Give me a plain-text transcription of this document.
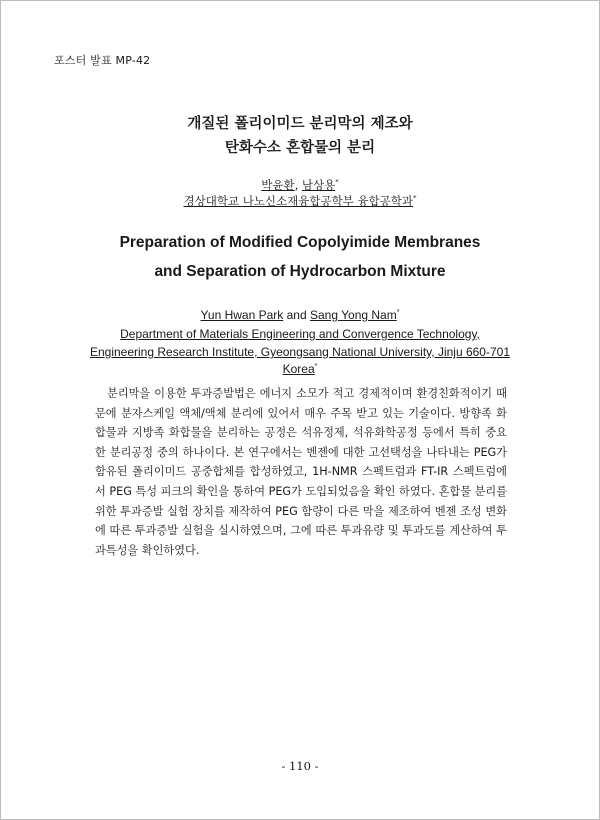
포스터 발표 MP-42
개질된 폴리이미드 분리막의 제조와
탄화수소 혼합물의 분리
박윤환, 남상용*
경상대학교 나노신소재융합공학부 융합공학과*
Preparation of Modified Copolyimide Membranes
and Separation of Hydrocarbon Mixture
Yun Hwan Park and Sang Yong Nam*
Department of Materials Engineering and Convergence Technology,
Engineering Research Institute, Gyeongsang National University, Jinju 660-701
Korea*

분리막을 이용한 투과증발법은 에너지 소모가 적고 경제적이며 환경친화적이기 때문에 분자스케일 액체/액체 분리에 있어서 매우 주목 받고 있는 기술이다. 방향족 화합물과 지방족 화합물을 분리하는 공정은 석유정제, 석유화학공정 등에서 특히 중요한 분리공정 중의 하나이다. 본 연구에서는 벤젠에 대한 고선택성을 나타내는 PEG가 함유된 폴리이미드 공중합체를 합성하였고, 1H-NMR 스펙트럼과 FT-IR 스펙트럼에서 PEG 특성 피크의 확인을 통하여 PEG가 도입되었음을 확인 하였다. 혼합물 분리를 위한 투과증발 실험 장치를 제작하여 PEG 함량이 다른 막을 제조하여 벤젠 조성 변화에 따른 투과증발 실험을 실시하였으며, 그에 따른 투과유량 및 투과도를 계산하여 투과특성을 확인하였다.

- 110 -
